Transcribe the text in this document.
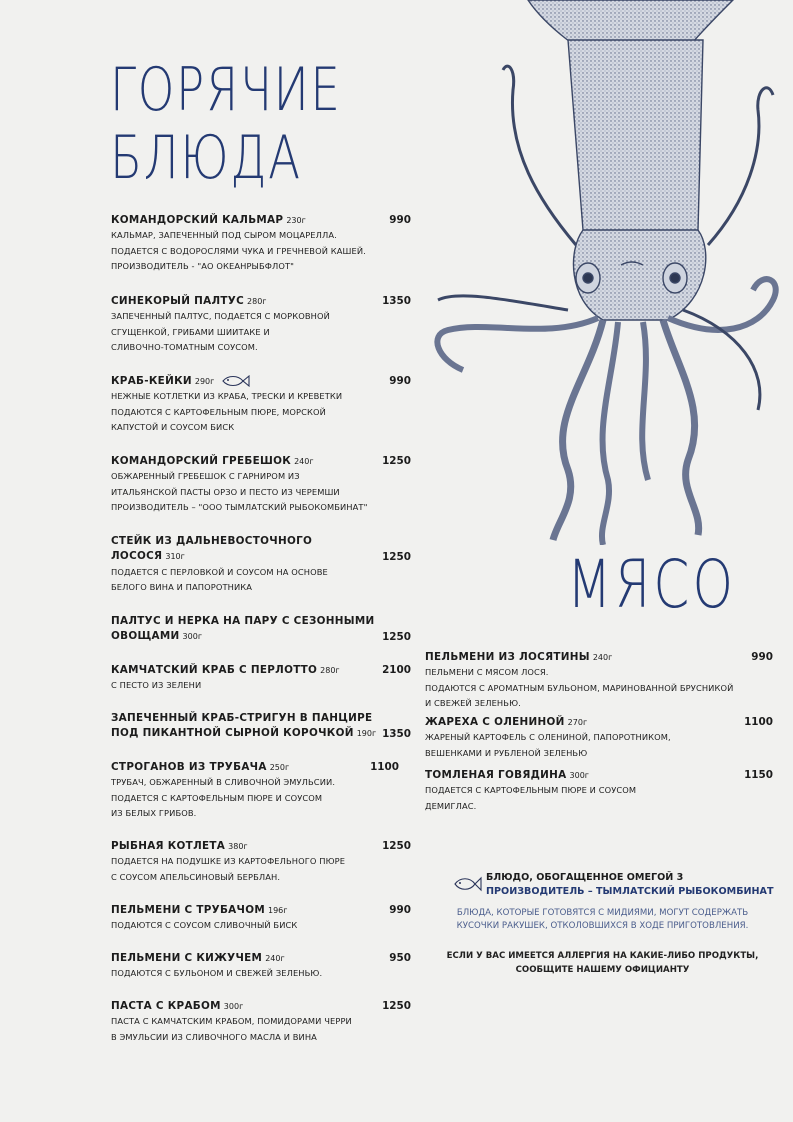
ГОРЯЧИЕ
БЛЮДА
МЯСО
КОМАНДОРСКИЙ КАЛЬМАР 230г	990
КАЛЬМАР, ЗАПЕЧЕННЫЙ ПОД СЫРОМ МОЦАРЕЛЛА.
ПОДАЕТСЯ С ВОДОРОСЛЯМИ ЧУКА И ГРЕЧНЕВОЙ КАШЕЙ.
ПРОИЗВОДИТЕЛЬ - "АО ОКЕАНРЫБФЛОТ"
СИНЕКОРЫЙ ПАЛТУС 280г	1350
ЗАПЕЧЕННЫЙ ПАЛТУС, ПОДАЕТСЯ С МОРКОВНОЙ
СГУЩЕНКОЙ, ГРИБАМИ ШИИТАКЕ И
СЛИВОЧНО-ТОМАТНЫМ СОУСОМ.
КРАБ-КЕЙКИ 290г	990
НЕЖНЫЕ КОТЛЕТКИ ИЗ КРАБА, ТРЕСКИ И КРЕВЕТКИ
ПОДАЮТСЯ С КАРТОФЕЛЬНЫМ ПЮРЕ, МОРСКОЙ
КАПУСТОЙ И СОУСОМ БИСК
КОМАНДОРСКИЙ ГРЕБЕШОК 240г	1250
ОБЖАРЕННЫЙ ГРЕБЕШОК С ГАРНИРОМ ИЗ
ИТАЛЬЯНСКОЙ ПАСТЫ ОРЗО И ПЕСТО ИЗ ЧЕРЕМШИ
ПРОИЗВОДИТЕЛЬ – "ООО ТЫМЛАТСКИЙ РЫБОКОМБИНАТ"
СТЕЙК ИЗ ДАЛЬНЕВОСТОЧНОГО
ЛОСОСЯ 310г	1250
ПОДАЕТСЯ С ПЕРЛОВКОЙ И СОУСОМ НА ОСНОВЕ
БЕЛОГО ВИНА И ПАПОРОТНИКА
ПАЛТУС И НЕРКА НА ПАРУ С СЕЗОННЫМИ
ОВОЩАМИ 300г	1250
КАМЧАТСКИЙ КРАБ С ПЕРЛОТТО 280г	2100
С ПЕСТО ИЗ ЗЕЛЕНИ
ЗАПЕЧЕННЫЙ КРАБ-СТРИГУН В ПАНЦИРЕ
ПОД ПИКАНТНОЙ СЫРНОЙ КОРОЧКОЙ 190г 1350
СТРОГАНОВ ИЗ ТРУБАЧА 250г	1100
ТРУБАЧ, ОБЖАРЕННЫЙ В СЛИВОЧНОЙ ЭМУЛЬСИИ.
ПОДАЕТСЯ С КАРТОФЕЛЬНЫМ ПЮРЕ И СОУСОМ
ИЗ БЕЛЫХ ГРИБОВ.
РЫБНАЯ КОТЛЕТА 380г	1250
ПОДАЕТСЯ НА ПОДУШКЕ ИЗ КАРТОФЕЛЬНОГО ПЮРЕ
С СОУСОМ АПЕЛЬСИНОВЫЙ БЕРБЛАН.
ПЕЛЬМЕНИ С ТРУБАЧОМ 196г	990
ПОДАЮТСЯ С СОУСОМ СЛИВОЧНЫЙ БИСК
ПЕЛЬМЕНИ С КИЖУЧЕМ 240г	950
ПОДАЮТСЯ С БУЛЬОНОМ И СВЕЖЕЙ ЗЕЛЕНЬЮ.
ПАСТА С КРАБОМ 300г	1250
ПАСТА С КАМЧАТСКИМ КРАБОМ, ПОМИДОРАМИ ЧЕРРИ
В ЭМУЛЬСИИ ИЗ СЛИВОЧНОГО МАСЛА И ВИНА
ПЕЛЬМЕНИ ИЗ ЛОСЯТИНЫ 240г	990
ПЕЛЬМЕНИ С МЯСОМ ЛОСЯ.
ПОДАЮТСЯ С АРОМАТНЫМ БУЛЬОНОМ, МАРИНОВАННОЙ БРУСНИКОЙ
И СВЕЖЕЙ ЗЕЛЕНЬЮ.
ЖАРЕХА С ОЛЕНИНОЙ 270г	1100
ЖАРЕНЫЙ КАРТОФЕЛЬ С ОЛЕНИНОЙ, ПАПОРОТНИКОМ,
ВЕШЕНКАМИ И РУБЛЕНОЙ ЗЕЛЕНЬЮ
ТОМЛЕНАЯ ГОВЯДИНА 300г	1150
ПОДАЕТСЯ С КАРТОФЕЛЬНЫМ ПЮРЕ И СОУСОМ
ДЕМИГЛАС.
БЛЮДО, ОБОГАЩЕННОЕ ОМЕГОЙ 3
ПРОИЗВОДИТЕЛЬ – ТЫМЛАТСКИЙ РЫБОКОМБИНАТ
БЛЮДА, КОТОРЫЕ ГОТОВЯТСЯ С МИДИЯМИ, МОГУТ СОДЕРЖАТЬ
КУСОЧКИ РАКУШЕК, ОТКОЛОВШИХСЯ В ХОДЕ ПРИГОТОВЛЕНИЯ.
ЕСЛИ У ВАС ИМЕЕТСЯ АЛЛЕРГИЯ НА КАКИЕ-ЛИБО ПРОДУКТЫ,
СООБЩИТЕ НАШЕМУ ОФИЦИАНТУ
